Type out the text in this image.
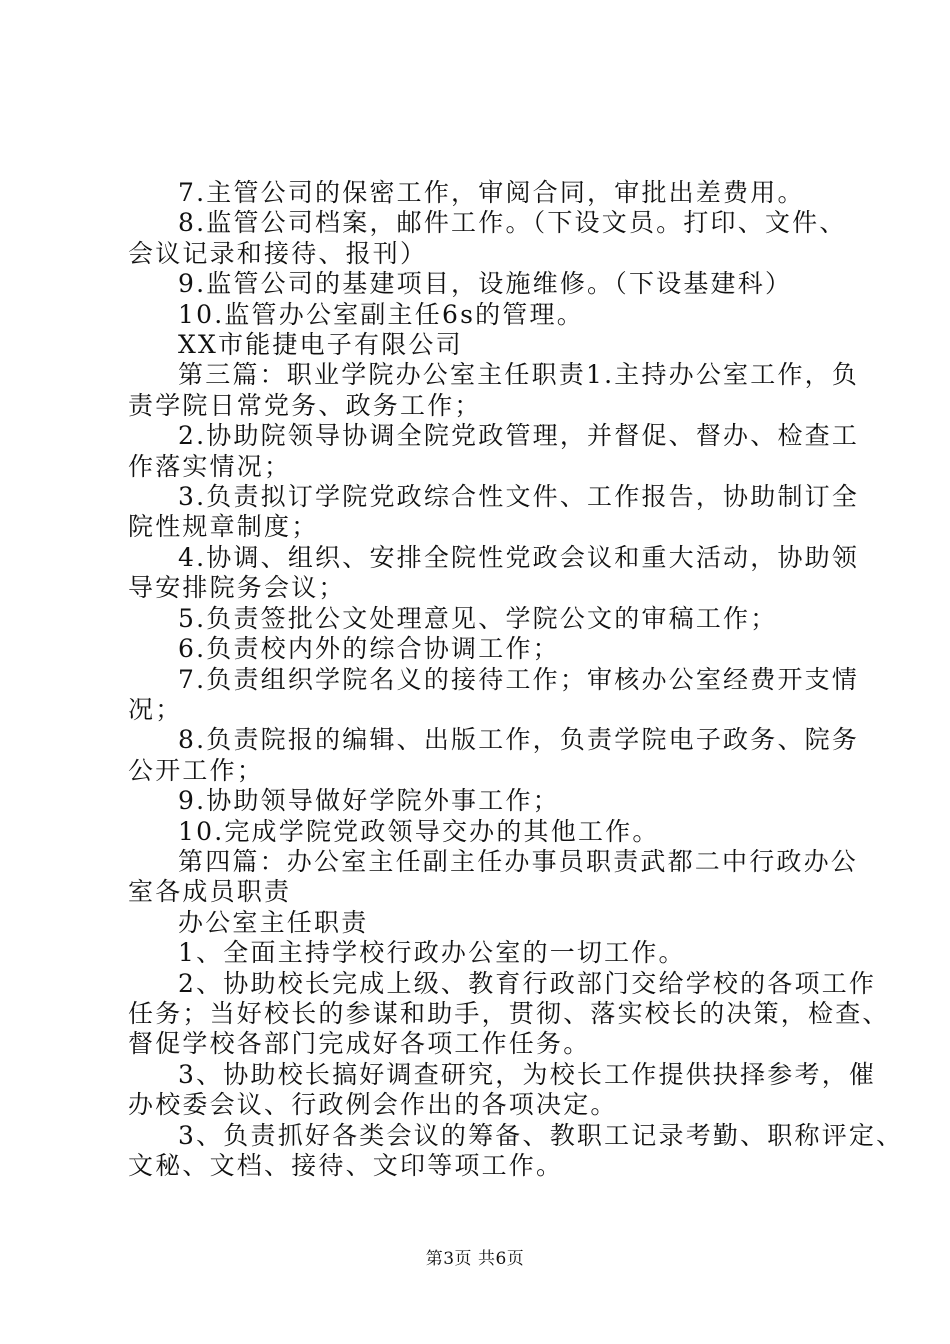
7.主管公司的保密工作，审阅合同，审批出差费用。

8.监管公司档案，邮件工作。（下设文员。打印、文件、

会议记录和接待、报刊）

9.监管公司的基建项目，设施维修。（下设基建科）

10.监管办公室副主任6s的管理。

XX市能捷电子有限公司

第三篇：职业学院办公室主任职责1.主持办公室工作，负

责学院日常党务、政务工作；

2.协助院领导协调全院党政管理，并督促、督办、检查工

作落实情况；

3.负责拟订学院党政综合性文件、工作报告，协助制订全

院性规章制度；

4.协调、组织、安排全院性党政会议和重大活动，协助领

导安排院务会议；

5.负责签批公文处理意见、学院公文的审稿工作；

6.负责校内外的综合协调工作；

7.负责组织学院名义的接待工作；审核办公室经费开支情

况；

8.负责院报的编辑、出版工作，负责学院电子政务、院务

公开工作；

9.协助领导做好学院外事工作；

10.完成学院党政领导交办的其他工作。

第四篇：办公室主任副主任办事员职责武都二中行政办公

室各成员职责

办公室主任职责

1、全面主持学校行政办公室的一切工作。

2、协助校长完成上级、教育行政部门交给学校的各项工作

任务；当好校长的参谋和助手，贯彻、落实校长的决策，检查、

督促学校各部门完成好各项工作任务。

3、协助校长搞好调查研究，为校长工作提供抉择参考，催

办校委会议、行政例会作出的各项决定。

3、负责抓好各类会议的筹备、教职工记录考勤、职称评定、

文秘、文档、接待、文印等项工作。

第3页 共6页
